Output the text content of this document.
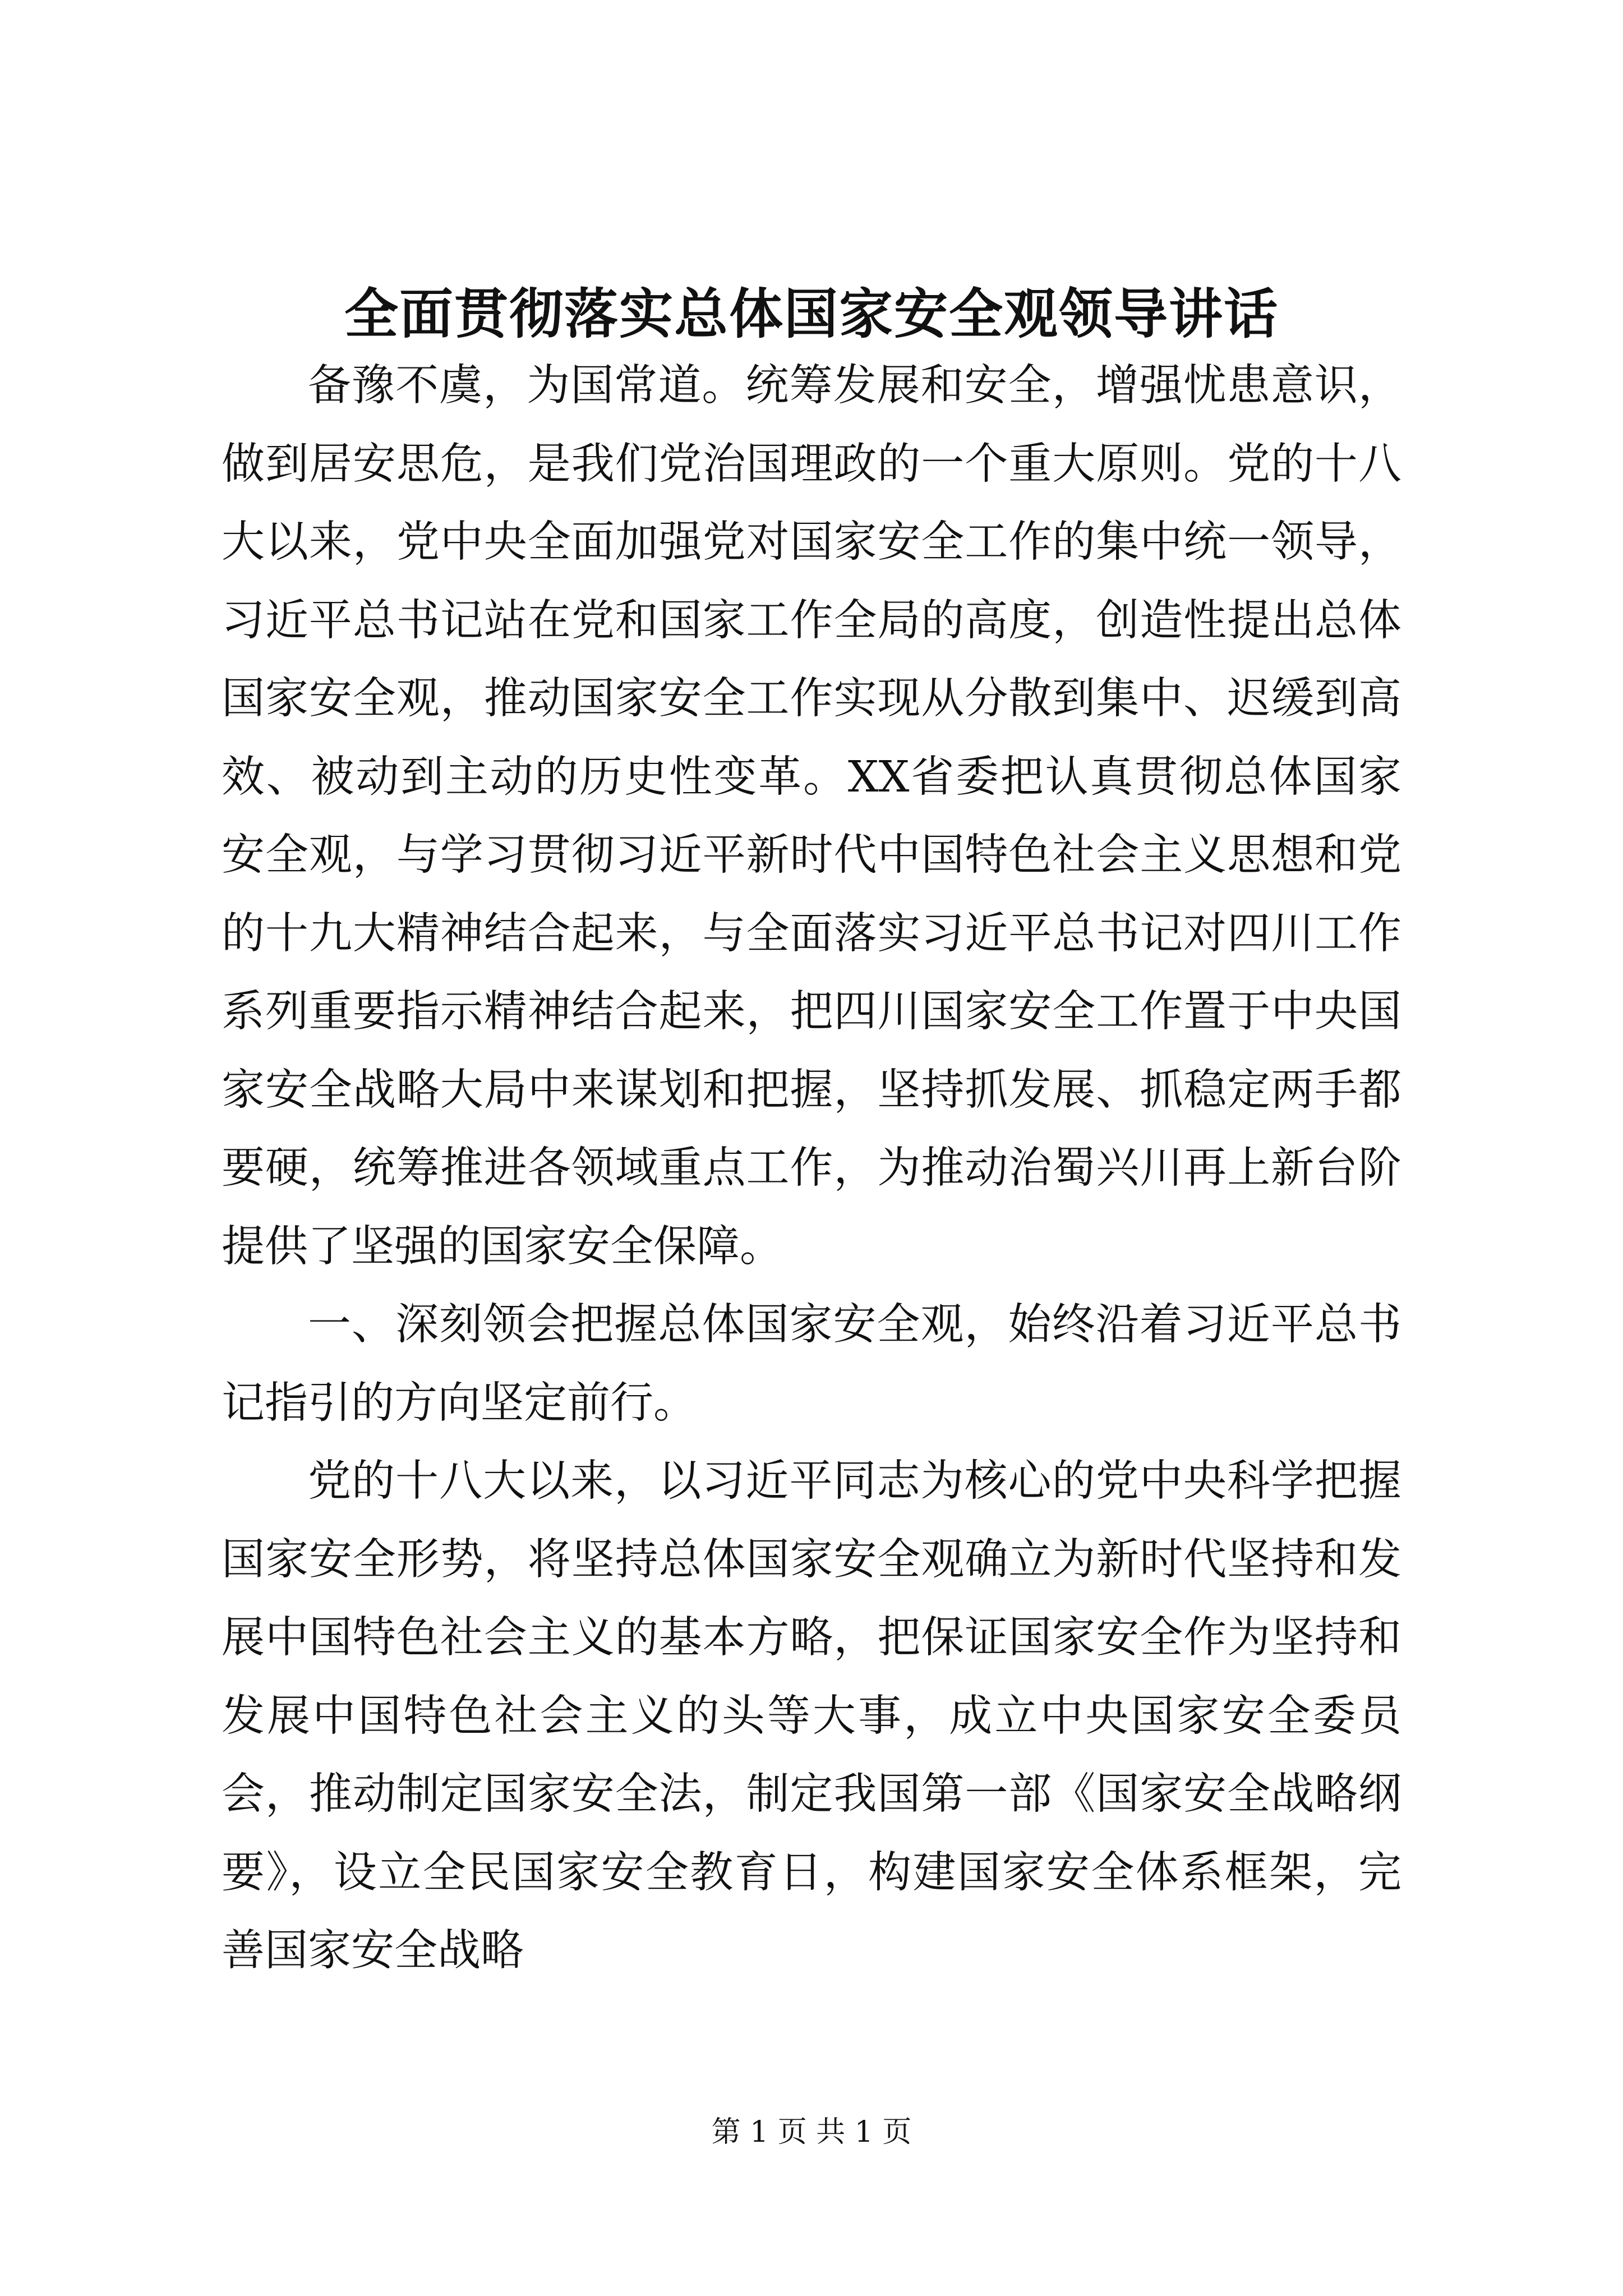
全面贯彻落实总体国家安全观领导讲话

备豫不虞，为国常道。统筹发展和安全，增强忧患意识，做到居安思危，是我们党治国理政的一个重大原则。党的十八大以来，党中央全面加强党对国家安全工作的集中统一领导，习近平总书记站在党和国家工作全局的高度，创造性提出总体国家安全观，推动国家安全工作实现从分散到集中、迟缓到高效、被动到主动的历史性变革。XX省委把认真贯彻总体国家安全观，与学习贯彻习近平新时代中国特色社会主义思想和党的十九大精神结合起来，与全面落实习近平总书记对四川工作系列重要指示精神结合起来，把四川国家安全工作置于中央国家安全战略大局中来谋划和把握，坚持抓发展、抓稳定两手都要硬，统筹推进各领域重点工作，为推动治蜀兴川再上新台阶提供了坚强的国家安全保障。

一、深刻领会把握总体国家安全观，始终沿着习近平总书记指引的方向坚定前行。

党的十八大以来，以习近平同志为核心的党中央科学把握国家安全形势，将坚持总体国家安全观确立为新时代坚持和发展中国特色社会主义的基本方略，把保证国家安全作为坚持和发展中国特色社会主义的头等大事，成立中央国家安全委员会，推动制定国家安全法，制定我国第一部《国家安全战略纲要》，设立全民国家安全教育日，构建国家安全体系框架，完善国家安全战略

第 1 页 共 1 页
